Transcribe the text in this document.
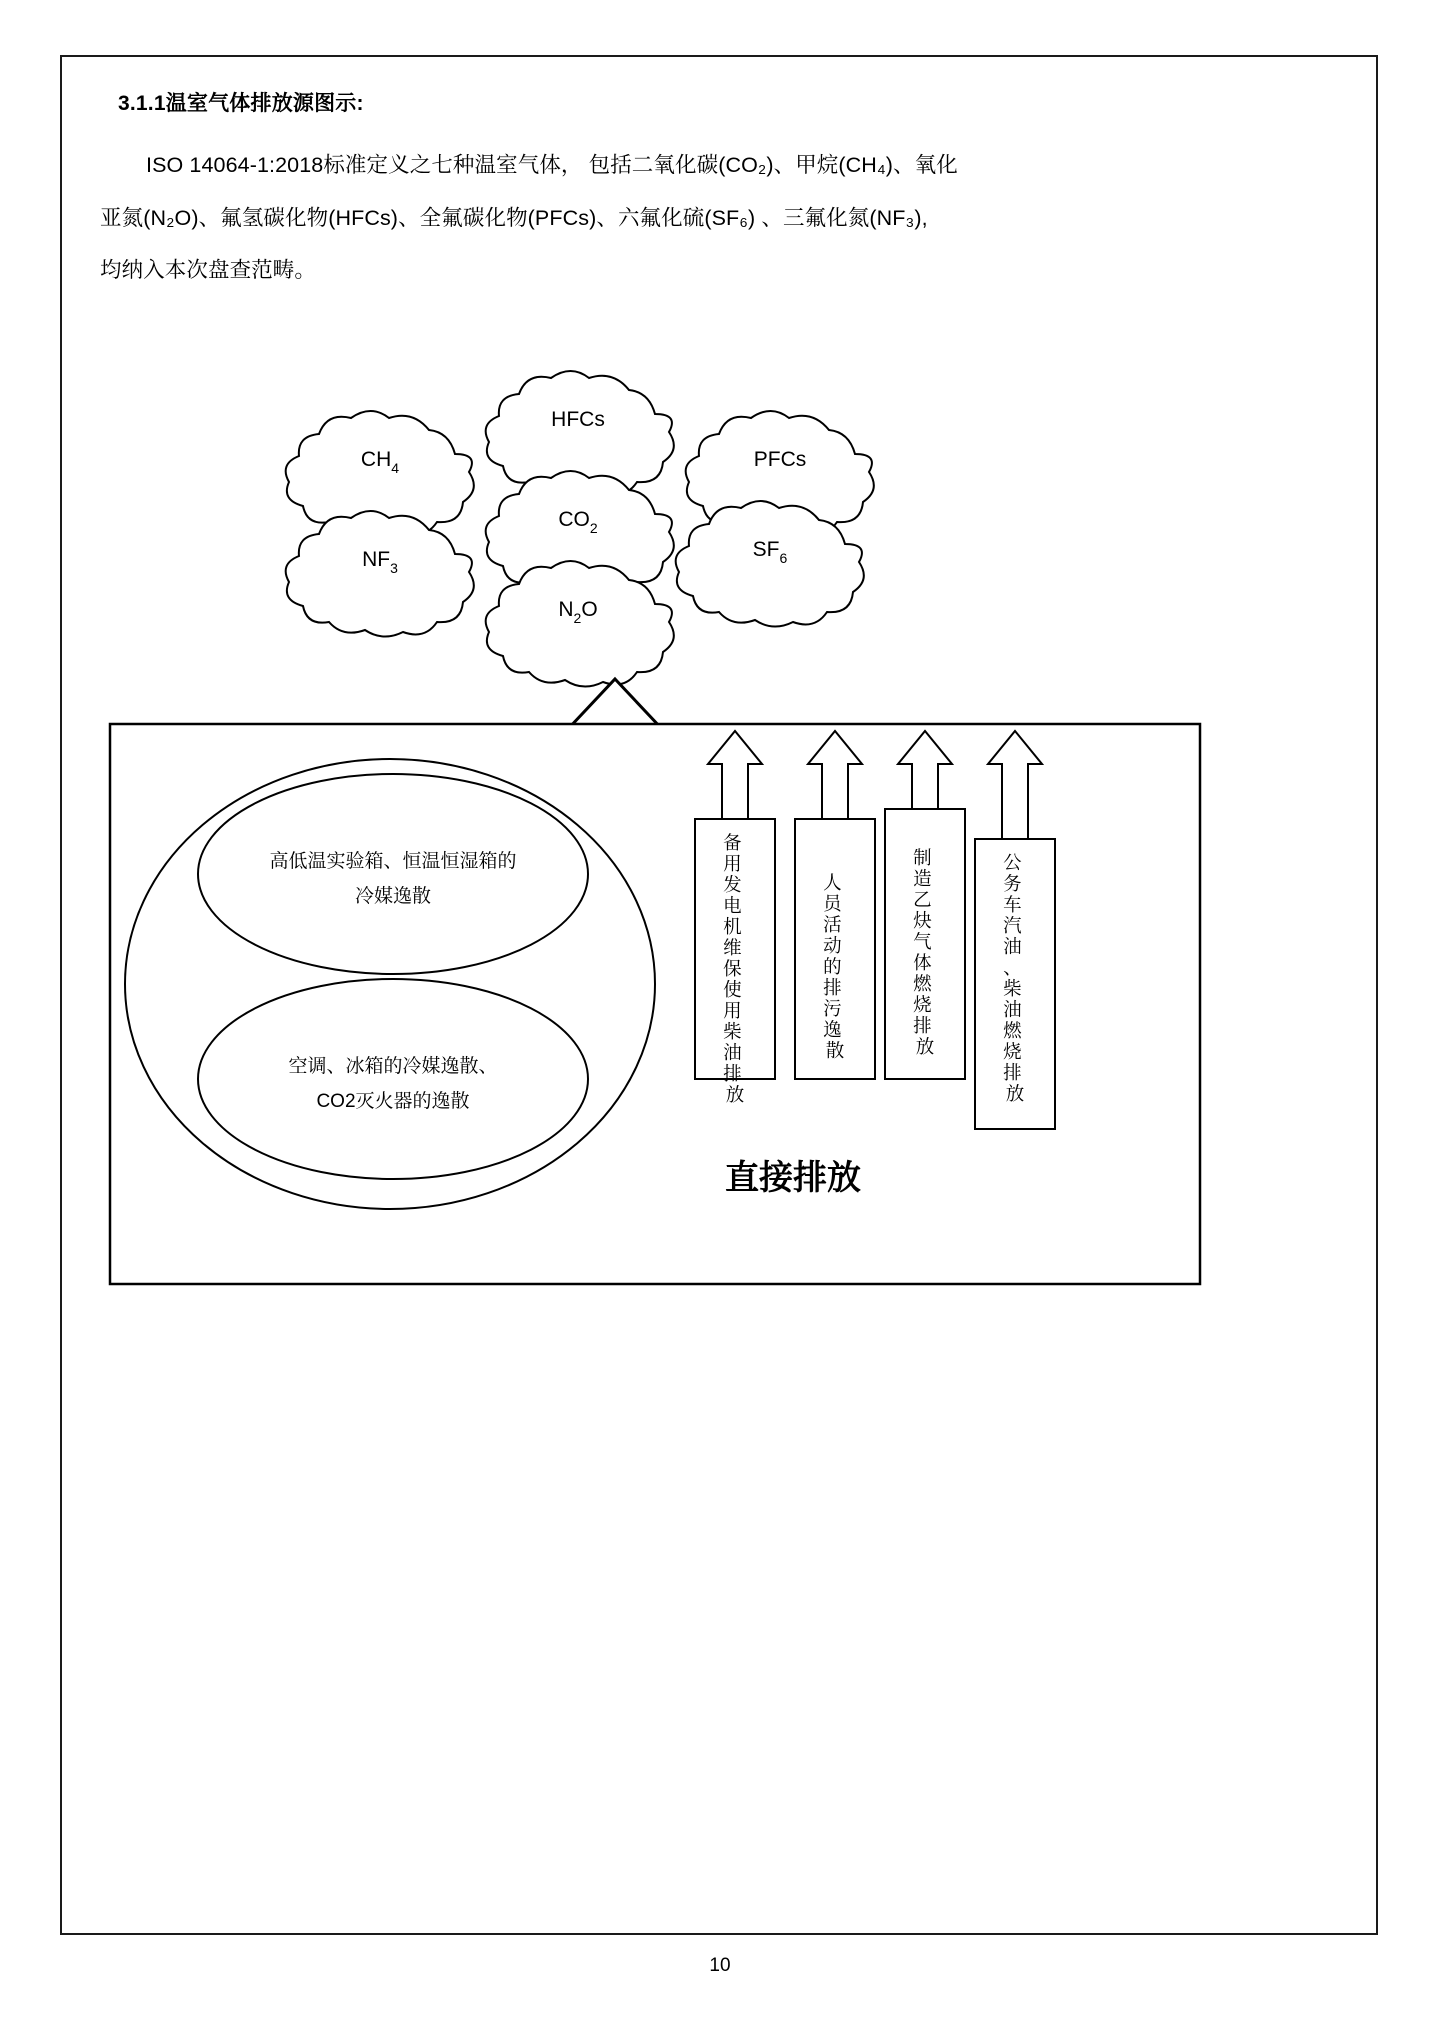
3.1.1温室气体排放源图示:

ISO 14064-1:2018标准定义之七种温室气体， 包括二氧化碳(CO₂)、甲烷(CH₄)、氧化

亚氮(N₂O)、氟氢碳化物(HFCs)、全氟碳化物(PFCs)、六氟化硫(SF₆) 、三氟化氮(NF₃),

均纳入本次盘查范畴。

HFCs
$CH_4$	PFCs
$CO_2$
$NF_3$
$SF_6$
$N_2O$
高低温实验箱、恒温恒湿箱的
冷媒逸散
空调、冰箱的冷媒逸散、
CO2灭火器的逸散
直接排放
备 用 发 电 机 维 保 使 用 柴 油 排 放
人 员 活 动 的 排 污 逸 散
制 造 乙 炔 气 体 燃 烧 排 放
公 务 车 汽 油 、 柴 油 燃 烧 排 放
10
